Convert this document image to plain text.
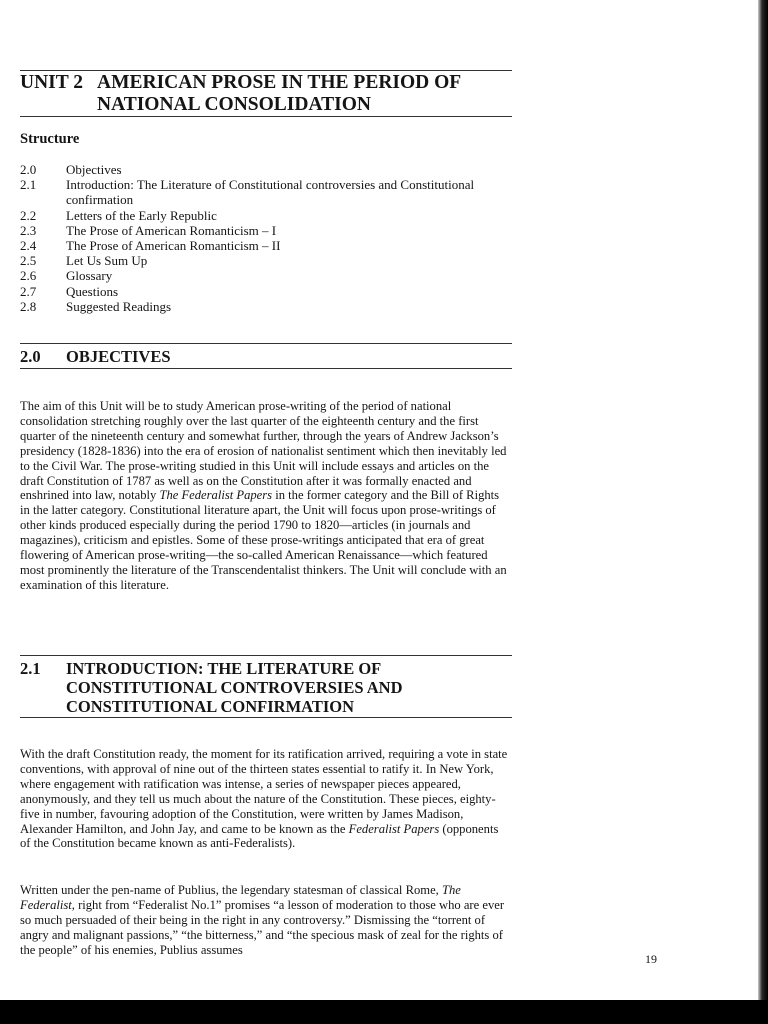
UNIT 2 AMERICAN PROSE IN THE PERIOD OF
NATIONAL CONSOLIDATION
Structure
2.0	Objectives
2.1	Introduction: The Literature of Constitutional controversies and Constitutional confirmation
2.2	Letters of the Early Republic
2.3	The Prose of American Romanticism – I
2.4	The Prose of American Romanticism – II
2.5	Let Us Sum Up
2.6	Glossary
2.7	Questions
2.8	Suggested Readings
2.0	OBJECTIVES

The aim of this Unit will be to study American prose-writing of the period of national consolidation stretching roughly over the last quarter of the eighteenth century and the first quarter of the nineteenth century and somewhat further, through the years of Andrew Jackson’s presidency (1828-1836) into the era of erosion of nationalist sentiment which then inevitably led to the Civil War. The prose-writing studied in this Unit will include essays and articles on the draft Constitution of 1787 as well as on the Constitution after it was formally enacted and enshrined into law, notably The Federalist Papers in the former category and the Bill of Rights in the latter category. Constitutional literature apart, the Unit will focus upon prose-writings of other kinds produced especially during the period 1790 to 1820—articles (in journals and magazines), criticism and epistles. Some of these prose-writings anticipated that era of great flowering of American prose-writing—the so-called American Renaissance—which featured most prominently the literature of the Transcendentalist thinkers. The Unit will conclude with an examination of this literature.

2.1	INTRODUCTION: THE LITERATURE OF
CONSTITUTIONAL CONTROVERSIES AND
CONSTITUTIONAL CONFIRMATION

With the draft Constitution ready, the moment for its ratification arrived, requiring a vote in state conventions, with approval of nine out of the thirteen states essential to ratify it. In New York, where engagement with ratification was intense, a series of newspaper pieces appeared, anonymously, and they tell us much about the nature of the Constitution. These pieces, eighty-five in number, favouring adoption of the Constitution, were written by James Madison, Alexander Hamilton, and John Jay, and came to be known as the Federalist Papers (opponents of the Constitution became known as anti-Federalists).

Written under the pen-name of Publius, the legendary statesman of classical Rome, The Federalist, right from “Federalist No.1” promises “a lesson of moderation to those who are ever so much persuaded of their being in the right in any controversy.” Dismissing the “torrent of angry and malignant passions,” “the bitterness,” and “the specious mask of zeal for the rights of the people” of his enemies, Publius assumes

19
